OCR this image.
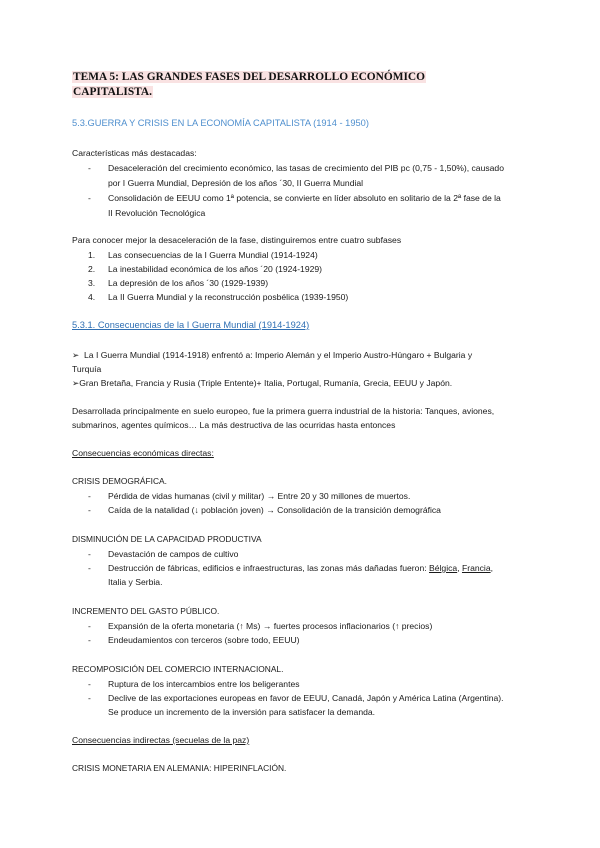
TEMA 5: LAS GRANDES FASES DEL DESARROLLO ECONÓMICO

CAPITALISTA.

5.3.GUERRA Y CRISIS EN LA ECONOMÍA CAPITALISTA (1914 - 1950)

Características más destacadas:

- Desaceleración del crecimiento económico, las tasas de crecimiento del PIB pc (0,75 - 1,50%), causado
por I Guerra Mundial, Depresión de los años ´30, II Guerra Mundial
- Consolidación de EEUU como 1ª potencia, se convierte en líder absoluto en solitario de la 2ª fase de la
II Revolución Tecnológica

Para conocer mejor la desaceleración de la fase, distinguiremos entre cuatro subfases

1. Las consecuencias de la I Guerra Mundial (1914-1924)
2. La inestabilidad económica de los años ´20 (1924-1929)
3. La depresión de los años ´30 (1929-1939)
4. La II Guerra Mundial y la reconstrucción posbélica (1939-1950)

5.3.1. Consecuencias de la I Guerra Mundial (1914-1924)

➢ La I Guerra Mundial (1914-1918) enfrentó a: Imperio Alemán y el Imperio Austro-Húngaro + Bulgaria y

Turquía

➢Gran Bretaña, Francia y Rusia (Triple Entente)+ Italia, Portugal, Rumanía, Grecia, EEUU y Japón.

Desarrollada principalmente en suelo europeo, fue la primera guerra industrial de la historia: Tanques, aviones,

submarinos, agentes químicos… La más destructiva de las ocurridas hasta entonces

Consecuencias económicas directas:

CRISIS DEMOGRÁFICA.

- Pérdida de vidas humanas (civil y militar) → Entre 20 y 30 millones de muertos.
- Caída de la natalidad (↓ población joven) → Consolidación de la transición demográfica

DISMINUCIÓN DE LA CAPACIDAD PRODUCTIVA

- Devastación de campos de cultivo
- Destrucción de fábricas, edificios e infraestructuras, las zonas más dañadas fueron: Bélgica, Francia,
Italia y Serbia.

INCREMENTO DEL GASTO PÚBLICO.

- Expansión de la oferta monetaria (↑ Ms) → fuertes procesos inflacionarios (↑ precios)
- Endeudamientos con terceros (sobre todo, EEUU)

RECOMPOSICIÓN DEL COMERCIO INTERNACIONAL.

- Ruptura de los intercambios entre los beligerantes
- Declive de las exportaciones europeas en favor de EEUU, Canadá, Japón y América Latina (Argentina).
Se produce un incremento de la inversión para satisfacer la demanda.

Consecuencias indirectas (secuelas de la paz)

CRISIS MONETARIA EN ALEMANIA: HIPERINFLACIÓN.
